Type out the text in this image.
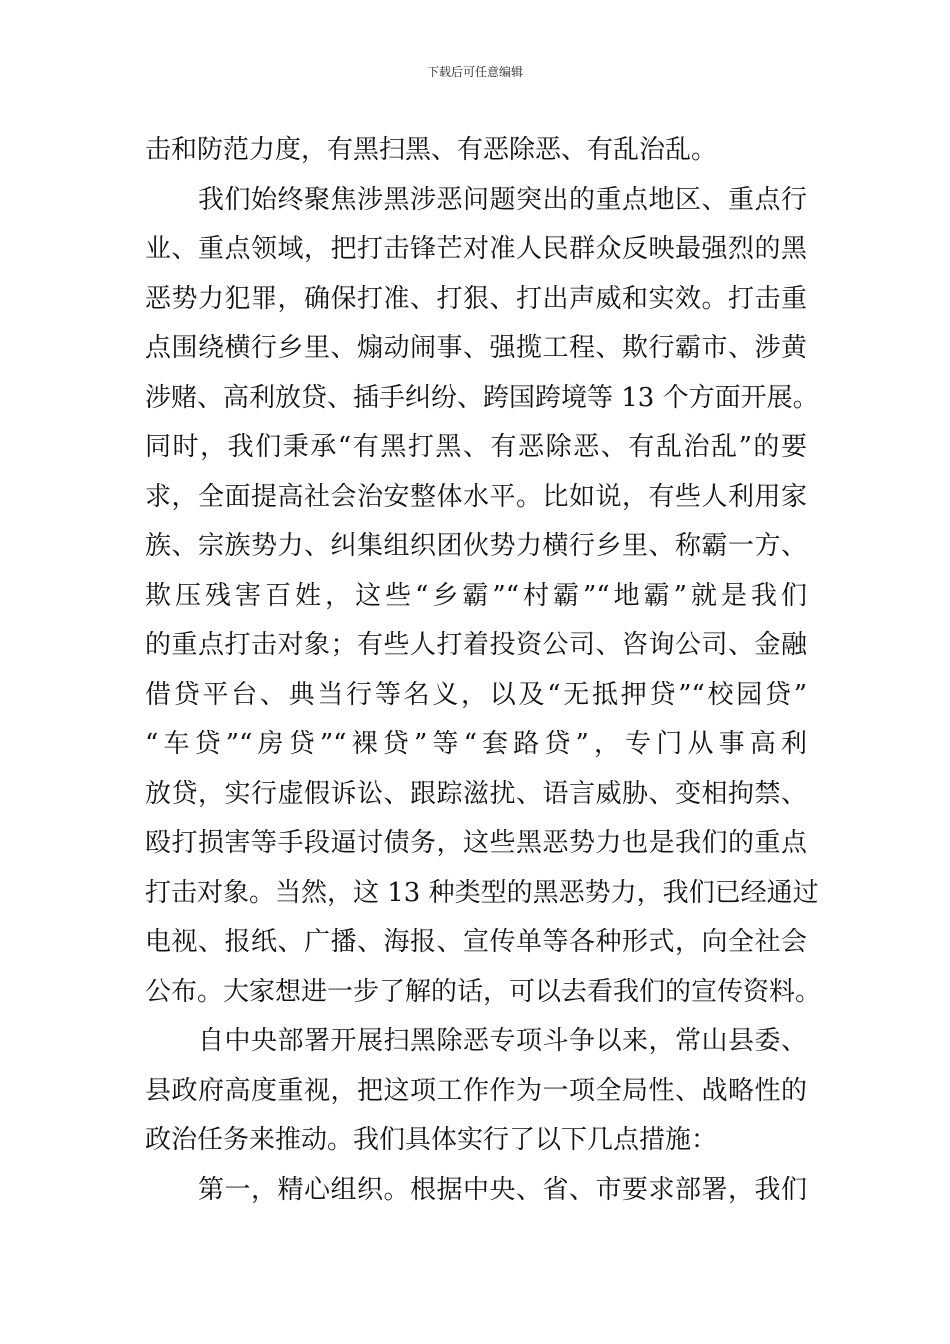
下载后可任意编辑
击和防范力度，有黑扫黑、有恶除恶、有乱治乱。
　　我们始终聚焦涉黑涉恶问题突出的重点地区、重点行
业、重点领域，把打击锋芒对准人民群众反映最强烈的黑
恶势力犯罪，确保打准、打狠、打出声威和实效。打击重
点围绕横行乡里、煽动闹事、强揽工程、欺行霸市、涉黄
涉赌、高利放贷、插手纠纷、跨国跨境等 13 个方面开展。
同时，我们秉承“有黑打黑、有恶除恶、有乱治乱”的要
求，全面提高社会治安整体水平。比如说，有些人利用家
族、宗族势力、纠集组织团伙势力横行乡里、称霸一方、
欺压残害百姓，这些“乡霸”“村霸”“地霸”就是我们
的重点打击对象；有些人打着投资公司、咨询公司、金融
借贷平台、典当行等名义，以及“无抵押贷”“校园贷”
“车贷”“房贷”“裸贷”等“套路贷”，专门从事高利
放贷，实行虚假诉讼、跟踪滋扰、语言威胁、变相拘禁、
殴打损害等手段逼讨债务，这些黑恶势力也是我们的重点
打击对象。当然，这 13 种类型的黑恶势力，我们已经通过
电视、报纸、广播、海报、宣传单等各种形式，向全社会
公布。大家想进一步了解的话，可以去看我们的宣传资料。
　　自中央部署开展扫黑除恶专项斗争以来，常山县委、
县政府高度重视，把这项工作作为一项全局性、战略性的
政治任务来推动。我们具体实行了以下几点措施：
　　第一，精心组织。根据中央、省、市要求部署，我们
